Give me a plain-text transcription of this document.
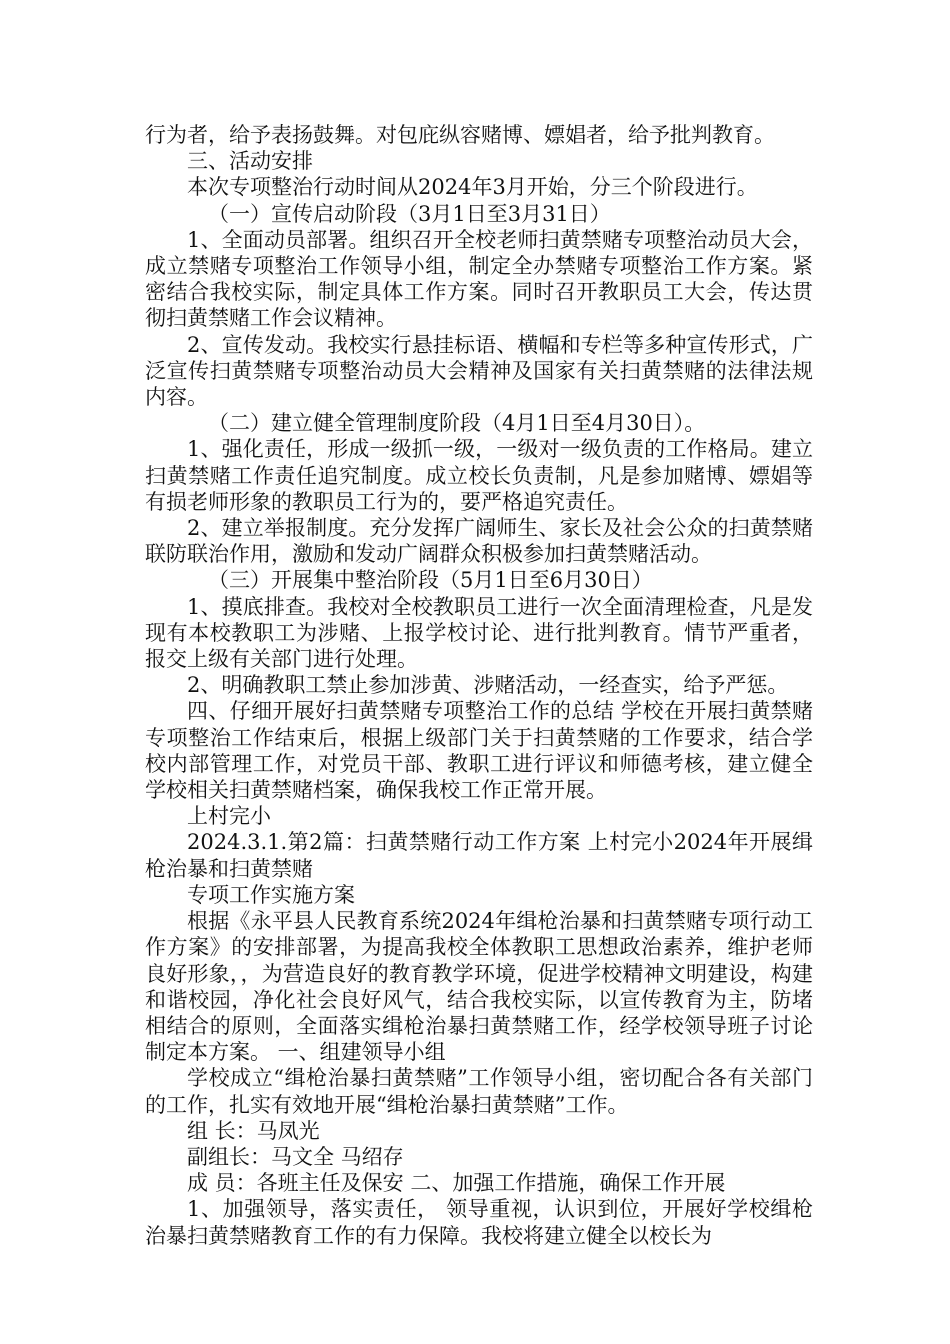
行为者，给予表扬鼓舞。对包庇纵容赌博、嫖娼者，给予批判教育。

三、活动安排

本次专项整治行动时间从2024年3月开始，分三个阶段进行。

（一）宣传启动阶段（3月1日至3月31日）

1、全面动员部署。组织召开全校老师扫黄禁赌专项整治动员大会，成立禁赌专项整治工作领导小组，制定全办禁赌专项整治工作方案。紧密结合我校实际，制定具体工作方案。同时召开教职员工大会，传达贯彻扫黄禁赌工作会议精神。

2、宣传发动。我校实行悬挂标语、横幅和专栏等多种宣传形式，广泛宣传扫黄禁赌专项整治动员大会精神及国家有关扫黄禁赌的法律法规内容。

（二）建立健全管理制度阶段（4月1日至4月30日）。

1、强化责任，形成一级抓一级，一级对一级负责的工作格局。建立扫黄禁赌工作责任追究制度。成立校长负责制，凡是参加赌博、嫖娼等有损老师形象的教职员工行为的，要严格追究责任。

2、建立举报制度。充分发挥广阔师生、家长及社会公众的扫黄禁赌联防联治作用，激励和发动广阔群众积极参加扫黄禁赌活动。

（三）开展集中整治阶段（5月1日至6月30日）

1、摸底排查。我校对全校教职员工进行一次全面清理检查，凡是发现有本校教职工为涉赌、上报学校讨论、进行批判教育。情节严重者，报交上级有关部门进行处理。

2、明确教职工禁止参加涉黄、涉赌活动，一经查实，给予严惩。

四、仔细开展好扫黄禁赌专项整治工作的总结 学校在开展扫黄禁赌专项整治工作结束后，根据上级部门关于扫黄禁赌的工作要求，结合学校内部管理工作，对党员干部、教职工进行评议和师德考核，建立健全学校相关扫黄禁赌档案，确保我校工作正常开展。

上村完小

2024.3.1.第2篇：扫黄禁赌行动工作方案 上村完小2024年开展缉枪治暴和扫黄禁赌

专项工作实施方案

根据《永平县人民教育系统2024年缉枪治暴和扫黄禁赌专项行动工作方案》的安排部署，为提高我校全体教职工思想政治素养，维护老师良好形象，，为营造良好的教育教学环境，促进学校精神文明建设，构建和谐校园，净化社会良好风气，结合我校实际，以宣传教育为主，防堵相结合的原则，全面落实缉枪治暴扫黄禁赌工作，经学校领导班子讨论制定本方案。 一、组建领导小组

学校成立“缉枪治暴扫黄禁赌”工作领导小组，密切配合各有关部门的工作，扎实有效地开展“缉枪治暴扫黄禁赌”工作。

组 长：马凤光

副组长：马文全 马绍存

成 员：各班主任及保安 二、加强工作措施，确保工作开展

1、加强领导，落实责任， 领导重视，认识到位，开展好学校缉枪治暴扫黄禁赌教育工作的有力保障。我校将建立健全以校长为
